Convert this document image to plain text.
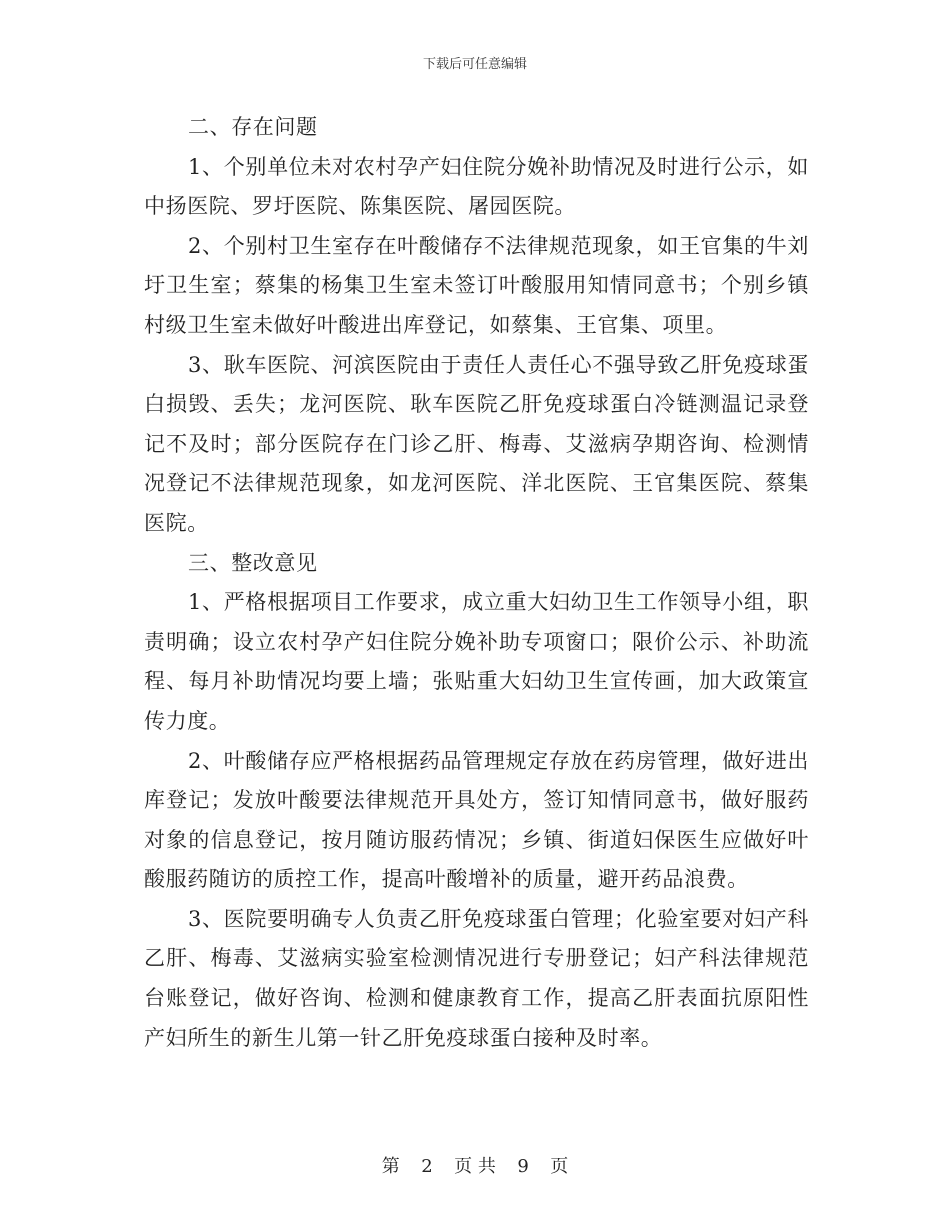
下载后可任意编辑

二、存在问题

1、个别单位未对农村孕产妇住院分娩补助情况及时进行公示，如中扬医院、罗圩医院、陈集医院、屠园医院。

2、个别村卫生室存在叶酸储存不法律规范现象，如王官集的牛刘圩卫生室；蔡集的杨集卫生室未签订叶酸服用知情同意书；个别乡镇村级卫生室未做好叶酸进出库登记，如蔡集、王官集、项里。

3、耿车医院、河滨医院由于责任人责任心不强导致乙肝免疫球蛋白损毁、丢失；龙河医院、耿车医院乙肝免疫球蛋白冷链测温记录登记不及时；部分医院存在门诊乙肝、梅毒、艾滋病孕期咨询、检测情况登记不法律规范现象，如龙河医院、洋北医院、王官集医院、蔡集医院。

三、整改意见

1、严格根据项目工作要求，成立重大妇幼卫生工作领导小组，职责明确；设立农村孕产妇住院分娩补助专项窗口；限价公示、补助流程、每月补助情况均要上墙；张贴重大妇幼卫生宣传画，加大政策宣传力度。

2、叶酸储存应严格根据药品管理规定存放在药房管理，做好进出库登记；发放叶酸要法律规范开具处方，签订知情同意书，做好服药对象的信息登记，按月随访服药情况；乡镇、街道妇保医生应做好叶酸服药随访的质控工作，提高叶酸增补的质量，避开药品浪费。

3、医院要明确专人负责乙肝免疫球蛋白管理；化验室要对妇产科乙肝、梅毒、艾滋病实验室检测情况进行专册登记；妇产科法律规范台账登记，做好咨询、检测和健康教育工作，提高乙肝表面抗原阳性产妇所生的新生儿第一针乙肝免疫球蛋白接种及时率。

第 2 页 共 9 页
